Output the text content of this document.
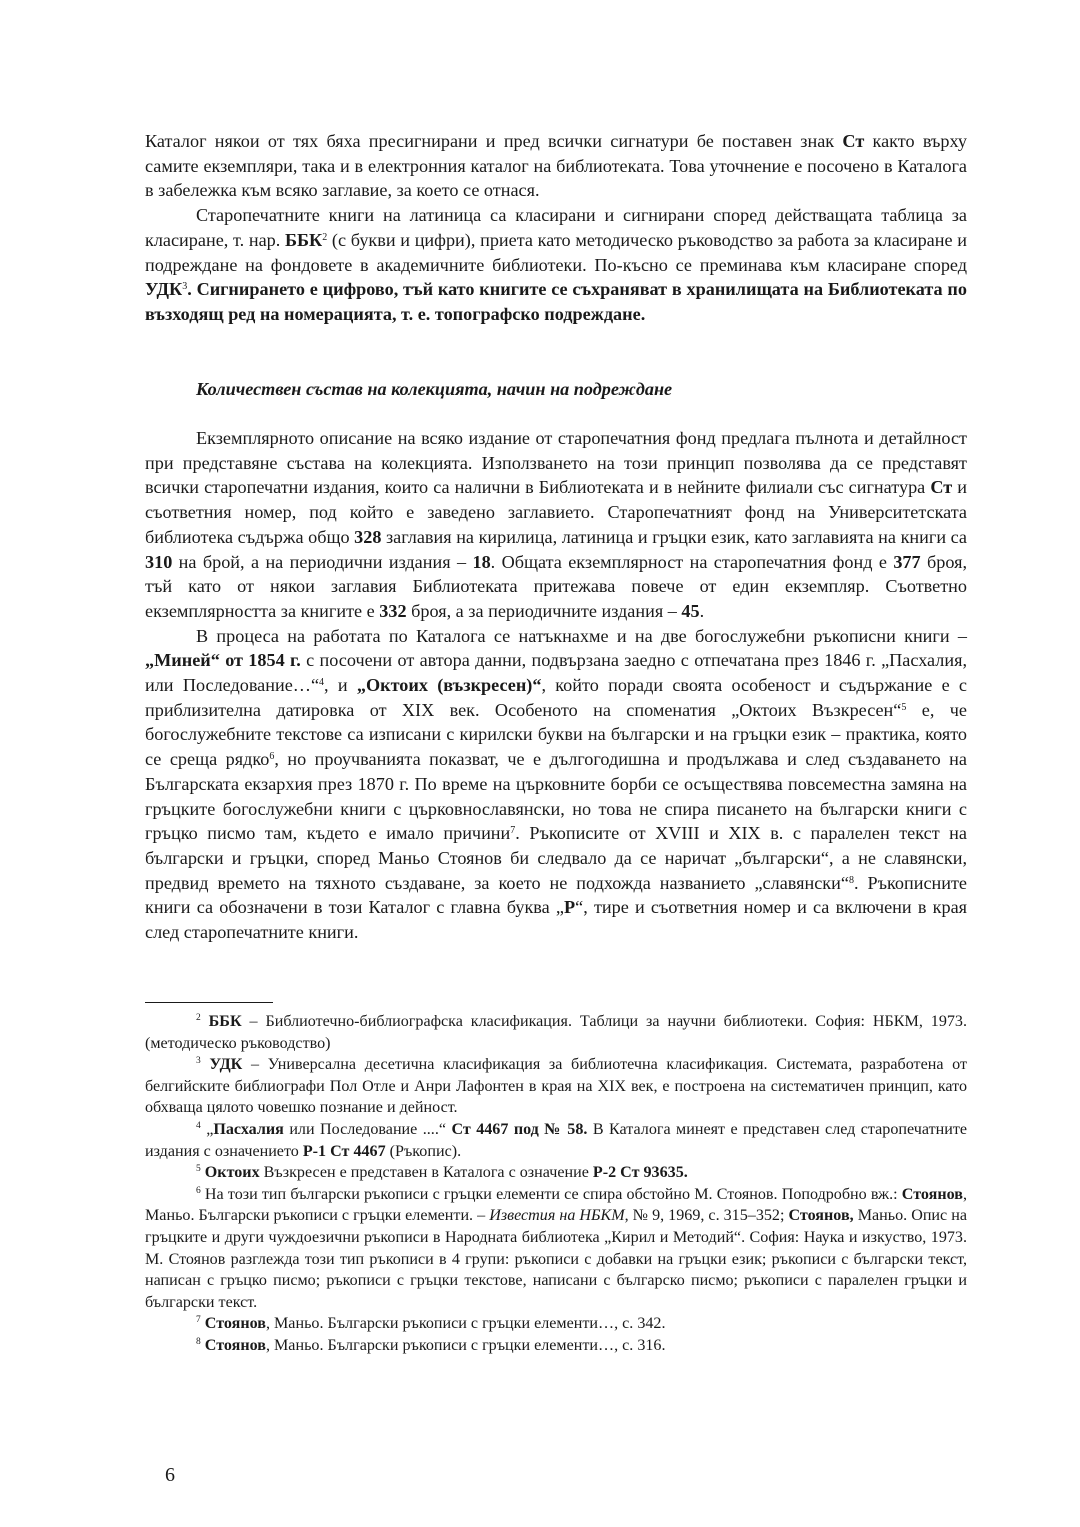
Каталог някои от тях бяха пресигнирани и пред всички сигнатури бе поставен знак Ст както върху самите екземпляри, така и в електронния каталог на библиотеката. Това уточнение е посочено в Каталога в забележка към всяко заглавие, за което се отнася.

Старопечатните книги на латиница са класирани и сигнирани според действащата таблица за класиране, т. нар. ББК$^2$ (с букви и цифри), приета като методическо ръководство за работа за класиране и подреждане на фондовете в академичните библиотеки. По-късно се преминава към класиране според УДК$^3$. Сигнирането е цифрово, тъй като книгите се съхраняват в хранилищата на Библиотеката по възходящ ред на номерацията, т. е. топографско подреждане.

Количествен състав на колекцията, начин на подреждане

Екземплярното описание на всяко издание от старопечатния фонд предлага пълнота и детайлност при представяне състава на колекцията. Използването на този принцип позволява да се представят всички старопечатни издания, които са налични в Библиотеката и в нейните филиали със сигнатура Ст и съответния номер, под който е заведено заглавието. Старопечатният фонд на Университетската библиотека съдържа общо 328 заглавия на кирилица, латиница и гръцки език, като заглавията на книги са 310 на брой, а на периодични издания – 18. Общата екземплярност на старопечатния фонд е 377 броя, тъй като от някои заглавия Библиотеката притежава повече от един екземпляр. Съответно екземплярността за книгите е 332 броя, а за периодичните издания – 45.

В процеса на работата по Каталога се натъкнахме и на две богослужебни ръкописни книги – „Миней“ от 1854 г. с посочени от автора данни, подвързана заедно с отпечатана през 1846 г. „Пасхалия, или Последование…“$^4$, и „Октоих (възкресен)“, който поради своята особеност и съдържание е с приблизителна датировка от XIX век. Особеното на споменатия „Октоих Възкресен“$^5$ е, че богослужебните текстове са изписани с кирилски букви на български и на гръцки език – практика, която се среща рядко$^6$, но проучванията показват, че е дългогодишна и продължава и след създаването на Българската екзархия през 1870 г. По време на църковните борби се осъществява повсеместна замяна на гръцките богослужебни книги с църковнославянски, но това не спира писането на български книги с гръцко писмо там, където е имало причини$^7$. Ръкописите от XVIII и XIX в. с паралелен текст на български и гръцки, според Маньо Стоянов би следвало да се наричат „български“, а не славянски, предвид времето на тяхното създаване, за което не подхожда названието „славянски“$^8$. Ръкописните книги са обозначени в този Каталог с главна буква „Р“, тире и съответния номер и са включени в края след старопечатните книги.

$^2$ ББК – Библиотечно-библиографска класификация. Таблици за научни библиотеки. София: НБКМ, 1973. (методическо ръководство)

$^3$ УДК – Универсална десетична класификация за библиотечна класификация. Системата, разработена от белгийските библиографи Пол Отле и Анри Лафонтен в края на XIX век, е построена на систематичен принцип, като обхваща цялото човешко познание и дейност.

$^4$ „Пасхалия или Последование ....“ Ст 4467 под № 58. В Каталога минеят е представен след старопечатните издания с означението Р-1 Ст 4467 (Ръкопис).

$^5$ Октоих Възкресен е представен в Каталога с означение Р-2 Ст 93635.

$^6$ На този тип български ръкописи с гръцки елементи се спира обстойно М. Стоянов. Поподробно вж.: Стоянов, Маньо. Български ръкописи с гръцки елементи. – Известия на НБКМ, № 9, 1969, с. 315–352; Стоянов, Маньо. Опис на гръцките и други чуждоезични ръкописи в Народната библиотека „Кирил и Методий“. София: Наука и изкуство, 1973. М. Стоянов разглежда този тип ръкописи в 4 групи: ръкописи с добавки на гръцки език; ръкописи с български текст, написан с гръцко писмо; ръкописи с гръцки текстове, написани с българско писмо; ръкописи с паралелен гръцки и български текст.

$^7$ Стоянов, Маньо. Български ръкописи с гръцки елементи…, с. 342.

$^8$ Стоянов, Маньо. Български ръкописи с гръцки елементи…, с. 316.

6
